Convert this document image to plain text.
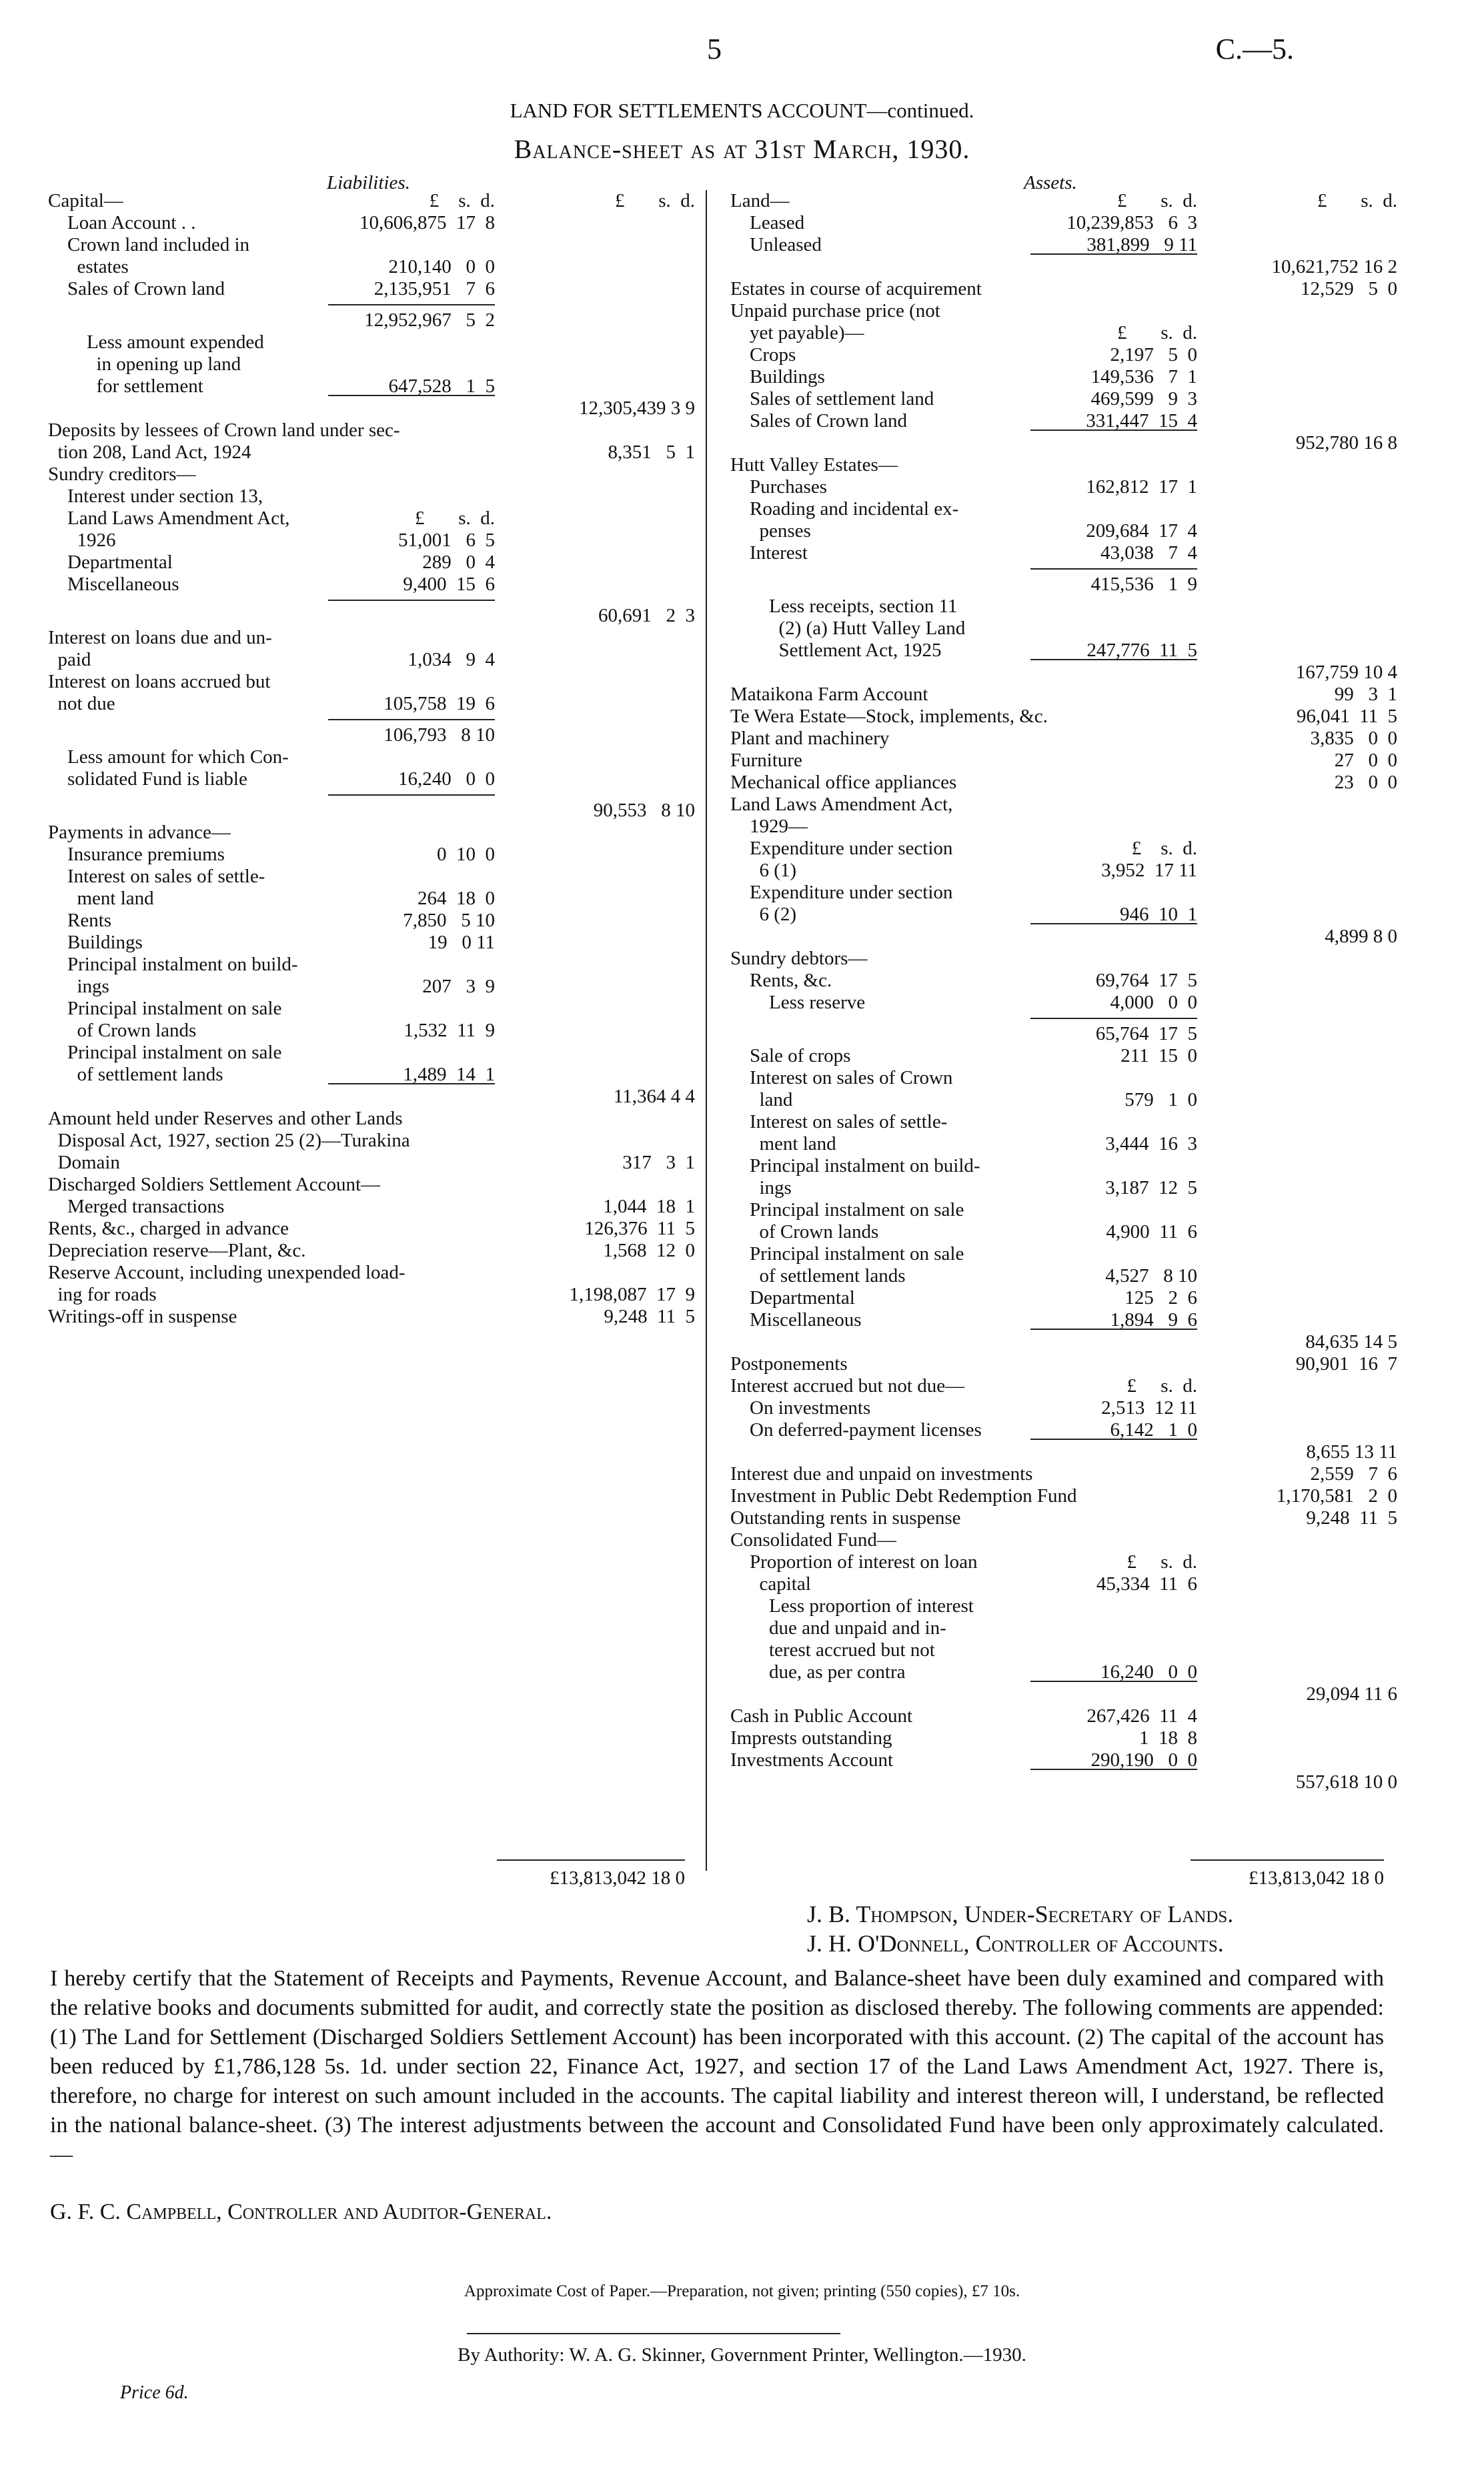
5	C.—5.
LAND FOR SETTLEMENTS ACCOUNT—continued.
Balance-sheet as at 31st March, 1930.
Liabilities.	Assets.
Capital—	£    s.  d.	£       s.  d.
Loan Account . .	10,606,875  17  8
Crown land included in
estates	210,140   0  0
Sales of Crown land	2,135,951   7  6
12,952,967   5  2
Less amount expended
in opening up land
for settlement	647,528   1  5
12,305,439 3 9
Deposits by lessees of Crown land under sec-
tion 208, Land Act, 1924	8,351   5  1
Sundry creditors—
Interest under section 13,
Land Laws Amendment Act,	£       s.  d.
1926	51,001   6  5
Departmental	289   0  4
Miscellaneous	9,400  15  6
60,691   2  3
Interest on loans due and un-
paid	1,034   9  4
Interest on loans accrued but
not due	105,758  19  6
106,793   8 10
Less amount for which Con-
solidated Fund is liable	16,240   0  0
90,553   8 10
Payments in advance—
Insurance premiums	0  10  0
Interest on sales of settle-
ment land	264  18  0
Rents	7,850   5 10
Buildings	19   0 11
Principal instalment on build-
ings	207   3  9
Principal instalment on sale
of Crown lands	1,532  11  9
Principal instalment on sale
of settlement lands	1,489  14  1
11,364 4 4
Amount held under Reserves and other Lands
Disposal Act, 1927, section 25 (2)—Turakina
Domain	317   3  1
Discharged Soldiers Settlement Account—
Merged transactions	1,044  18  1
Rents, &c., charged in advance	126,376  11  5
Depreciation reserve—Plant, &c.	1,568  12  0
Reserve Account, including unexpended load-
ing for roads	1,198,087  17  9
Writings-off in suspense	9,248  11  5
Land—	£       s.  d.	£       s.  d.
Leased	10,239,853   6  3
Unleased	381,899   9 11
10,621,752 16 2
Estates in course of acquirement	12,529   5  0
Unpaid purchase price (not
yet payable)—	£       s.  d.
Crops	2,197   5  0
Buildings	149,536   7  1
Sales of settlement land	469,599   9  3
Sales of Crown land	331,447  15  4
952,780 16 8
Hutt Valley Estates—
Purchases	162,812  17  1
Roading and incidental ex-
penses	209,684  17  4
Interest	43,038   7  4
415,536   1  9
Less receipts, section 11
(2) (a) Hutt Valley Land
Settlement Act, 1925	247,776  11  5
167,759 10 4
Mataikona Farm Account	99   3  1
Te Wera Estate—Stock, implements, &c.	96,041  11  5
Plant and machinery	3,835   0  0
Furniture	27   0  0
Mechanical office appliances	23   0  0
Land Laws Amendment Act,
1929—
Expenditure under section	£    s.  d.
6 (1)	3,952  17 11
Expenditure under section
6 (2)	946  10  1
4,899 8 0
Sundry debtors—
Rents, &c.	69,764  17  5
Less reserve	4,000   0  0
65,764  17  5
Sale of crops	211  15  0
Interest on sales of Crown
land	579   1  0
Interest on sales of settle-
ment land	3,444  16  3
Principal instalment on build-
ings	3,187  12  5
Principal instalment on sale
of Crown lands	4,900  11  6
Principal instalment on sale
of settlement lands	4,527   8 10
Departmental	125   2  6
Miscellaneous	1,894   9  6
84,635 14 5
Postponements	90,901  16  7
Interest accrued but not due—	£     s.  d.
On investments	2,513  12 11
On deferred-payment licenses	6,142   1  0
8,655 13 11
Interest due and unpaid on investments	2,559   7  6
Investment in Public Debt Redemption Fund	1,170,581   2  0
Outstanding rents in suspense	9,248  11  5
Consolidated Fund—
Proportion of interest on loan	£     s.  d.
capital	45,334  11  6
Less proportion of interest
due and unpaid and in-
terest accrued but not
due, as per contra	16,240   0  0
29,094 11 6
Cash in Public Account	267,426  11  4
Imprests outstanding	1  18  8
Investments Account	290,190   0  0
557,618 10 0
£13,813,042 18 0	£13,813,042 18 0
J. B. Thompson, Under-Secretary of Lands.
J. H. O'Donnell, Controller of Accounts.
I hereby certify that the Statement of Receipts and Payments, Revenue Account, and Balance-sheet have been duly examined and compared with the relative books and documents submitted for audit, and correctly state the position as disclosed thereby. The following comments are appended: (1) The Land for Settlement (Discharged Soldiers Settlement Account) has been incorporated with this account. (2) The capital of the account has been reduced by £1,786,128 5s. 1d. under section 22, Finance Act, 1927, and section 17 of the Land Laws Amendment Act, 1927. There is, therefore, no charge for interest on such amount included in the accounts. The capital liability and interest thereon will, I understand, be reflected in the national balance-sheet. (3) The interest adjustments between the account and Consolidated Fund have been only approximately calculated.—
G. F. C. Campbell, Controller and Auditor-General.
Approximate Cost of Paper.—Preparation, not given; printing (550 copies), £7 10s.
By Authority: W. A. G. Skinner, Government Printer, Wellington.—1930.
Price 6d.
